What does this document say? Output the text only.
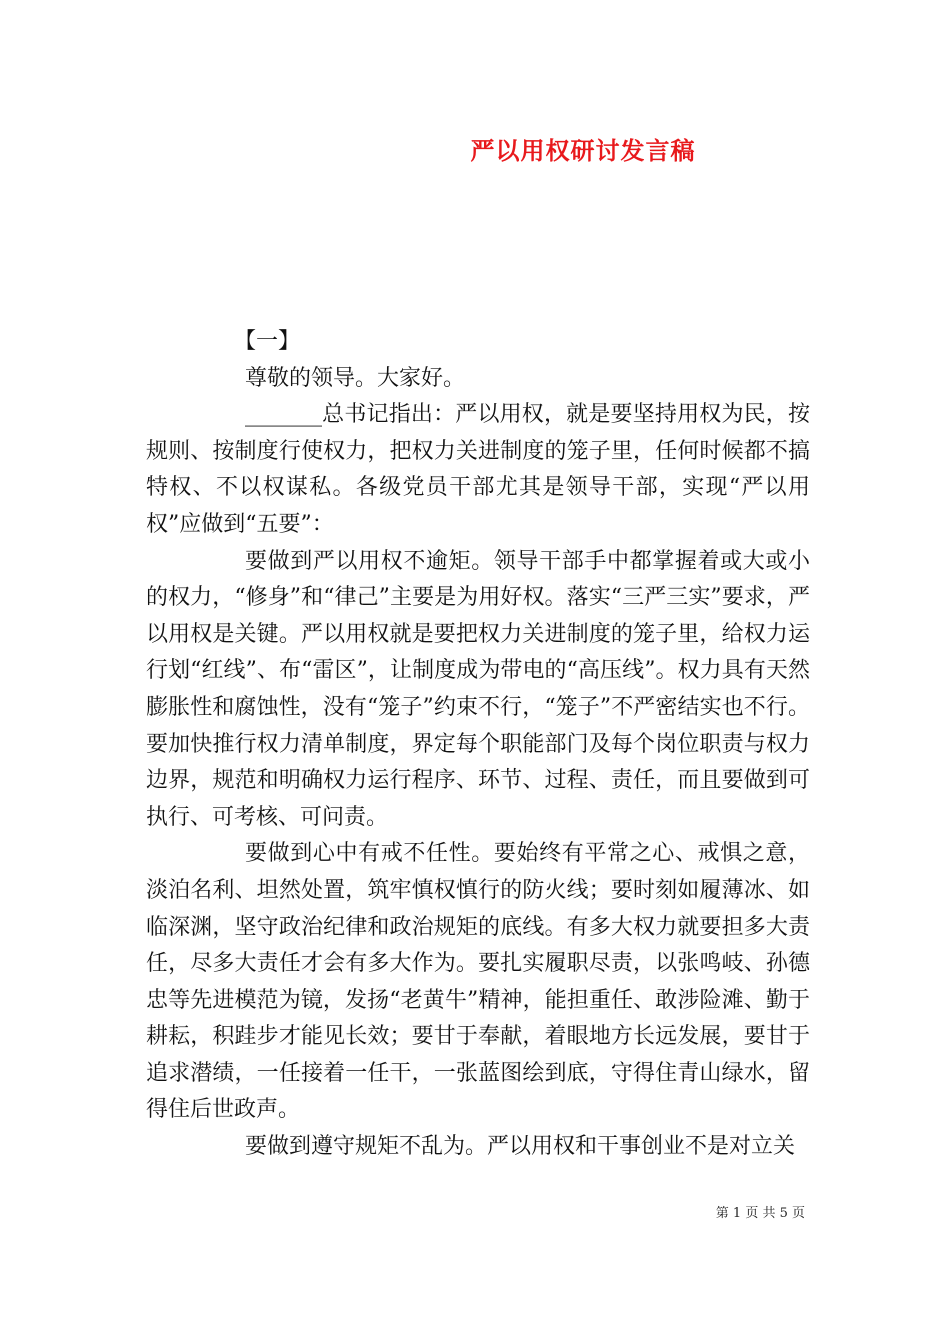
严以用权研讨发言稿

【一】

尊敬的领导。大家好。

_______总书记指出：严以用权，就是要坚持用权为民，按规则、按制度行使权力，把权力关进制度的笼子里，任何时候都不搞特权、不以权谋私。各级党员干部尤其是领导干部，实现“严以用权”应做到“五要”：

要做到严以用权不逾矩。领导干部手中都掌握着或大或小的权力，“修身”和“律己”主要是为用好权。落实“三严三实”要求，严以用权是关键。严以用权就是要把权力关进制度的笼子里，给权力运行划“红线”、布“雷区”，让制度成为带电的“高压线”。权力具有天然膨胀性和腐蚀性，没有“笼子”约束不行，“笼子”不严密结实也不行。要加快推行权力清单制度，界定每个职能部门及每个岗位职责与权力边界，规范和明确权力运行程序、环节、过程、责任，而且要做到可执行、可考核、可问责。

要做到心中有戒不任性。要始终有平常之心、戒惧之意，淡泊名利、坦然处置，筑牢慎权慎行的防火线；要时刻如履薄冰、如临深渊，坚守政治纪律和政治规矩的底线。有多大权力就要担多大责任，尽多大责任才会有多大作为。要扎实履职尽责，以张鸣岐、孙德忠等先进模范为镜，发扬“老黄牛”精神，能担重任、敢涉险滩、勤于耕耘，积跬步才能见长效；要甘于奉献，着眼地方长远发展，要甘于追求潜绩，一任接着一任干，一张蓝图绘到底，守得住青山绿水，留得住后世政声。

要做到遵守规矩不乱为。严以用权和干事创业不是对立关

第 1 页 共 5 页
